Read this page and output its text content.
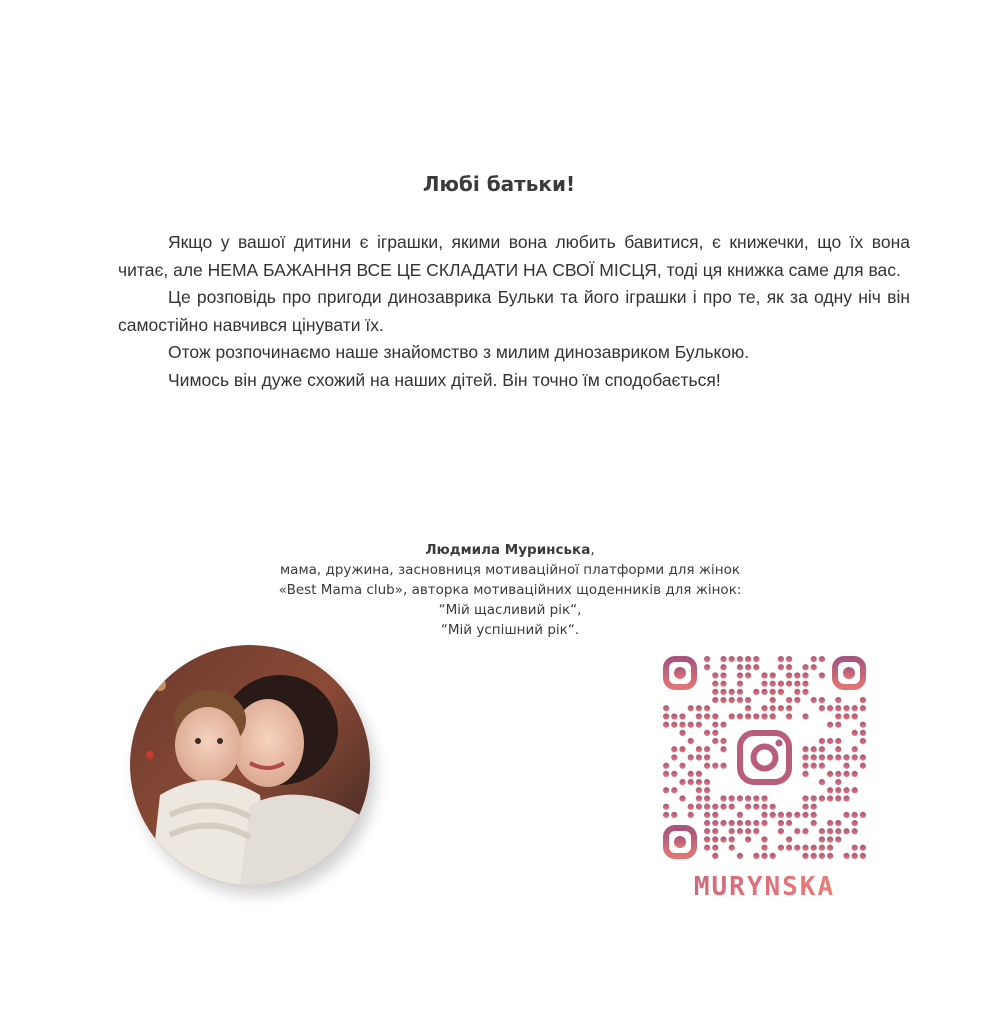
Любі батьки!

Якщо у вашої дитини є іграшки, якими вона любить бавитися, є книжечки, що їх вона читає, але НЕМА БАЖАННЯ ВСЕ ЦЕ СКЛАДАТИ НА СВОЇ МІСЦЯ, тоді ця книжка саме для вас.

Це розповідь про пригоди динозаврика Бульки та його іграшки і про те, як за одну ніч він самостійно навчився цінувати їх.

Отож розпочинаємо наше знайомство з милим динозавриком Булькою.

Чимось він дуже схожий на наших дітей. Він точно їм сподобається!

Людмила Муринська,
мама, дружина, засновниця мотиваційної платформи для жінок
«Best Mama club», авторка мотиваційних щоденників для жінок:
“Мій щасливий рік“,
“Мій успішний рік“.
MURYNSKA
